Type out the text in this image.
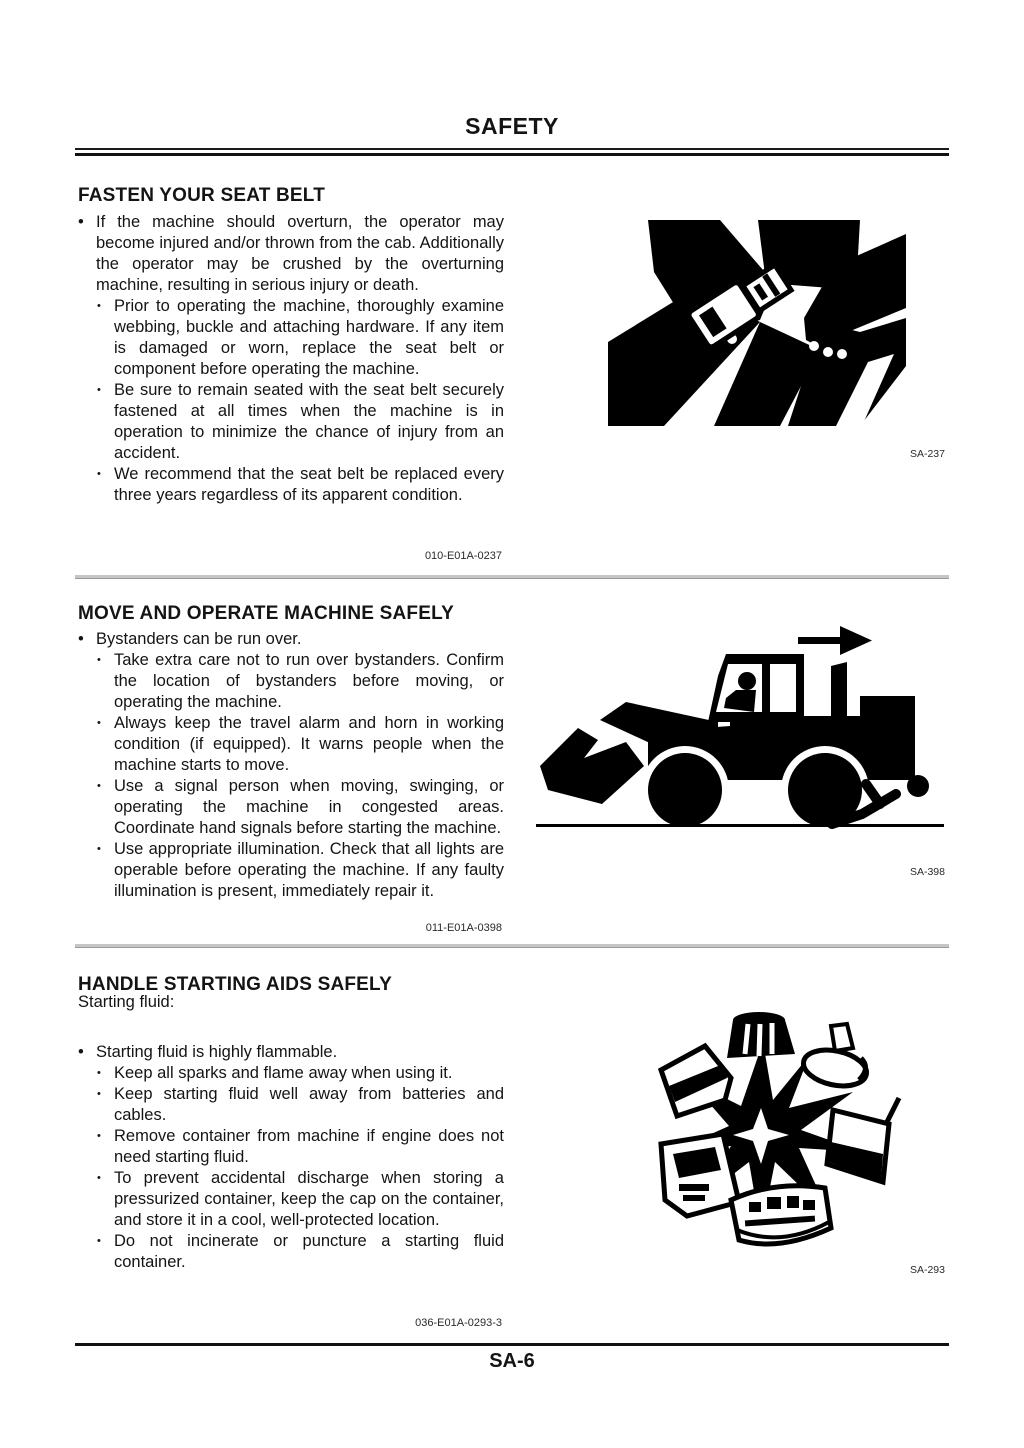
SAFETY
FASTEN YOUR SEAT BELT
• If the machine should overturn, the operator may become injured and/or thrown from the cab. Additionally the operator may be crushed by the overturning machine, resulting in serious injury or death.
• Prior to operating the machine, thoroughly examine webbing, buckle and attaching hardware. If any item is damaged or worn, replace the seat belt or component before operating the machine.
• Be sure to remain seated with the seat belt securely fastened at all times when the machine is in operation to minimize the chance of injury from an accident.
• We recommend that the seat belt be replaced every three years regardless of its apparent condition.
010-E01A-0237
SA-237
MOVE AND OPERATE MACHINE SAFELY
• Bystanders can be run over.
• Take extra care not to run over bystanders. Confirm the location of bystanders before moving, or operating the machine.
• Always keep the travel alarm and horn in working condition (if equipped). It warns people when the machine starts to move.
• Use a signal person when moving, swinging, or operating the machine in congested areas. Coordinate hand signals before starting the machine.
• Use appropriate illumination. Check that all lights are operable before operating the machine. If any faulty illumination is present, immediately repair it.
011-E01A-0398
SA-398
HANDLE STARTING AIDS SAFELY

Starting fluid:

• Starting fluid is highly flammable.
• Keep all sparks and flame away when using it.
• Keep starting fluid well away from batteries and cables.
• Remove container from machine if engine does not need starting fluid.
• To prevent accidental discharge when storing a pressurized container, keep the cap on the container, and store it in a cool, well-protected location.
• Do not incinerate or puncture a starting fluid container.
036-E01A-0293-3
SA-293
SA-6
